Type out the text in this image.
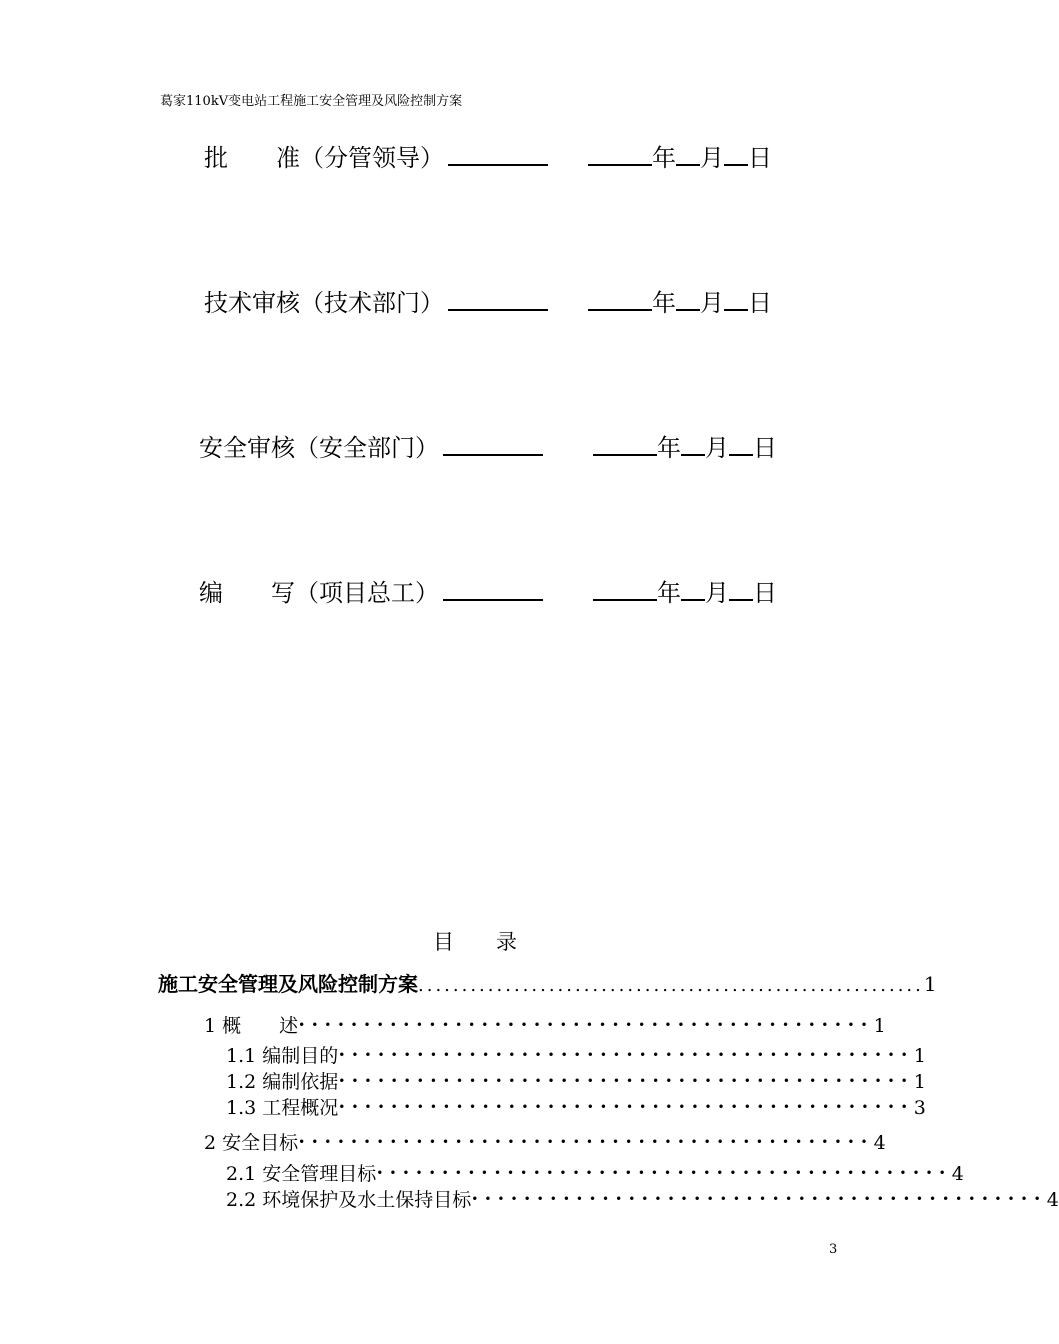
葛家110kV变电站工程施工安全管理及风险控制方案
批　　准（分管领导）	年 月 日
技术审核（技术部门）	年 月 日
安全审核（安全部门）	年 月 日
编　　写（项目总工）	年 月 日
目　　录
施工安全管理及风险控制方案 .......................................................... 1
1 概　　述 •••••••••••••••••••••••••••••••••••••••••••• 1
1.1 编制目的 •••••••••••••••••••••••••••••••••••••••••••• 1
1.2 编制依据 •••••••••••••••••••••••••••••••••••••••••••• 1
1.3 工程概况 •••••••••••••••••••••••••••••••••••••••••••• 3
2 安全目标 •••••••••••••••••••••••••••••••••••••••••••• 4
2.1 安全管理目标 •••••••••••••••••••••••••••••••••••••••••••• 4
2.2 环境保护及水土保持目标 •••••••••••••••••••••••••••••••••••••••••••• 4
3
